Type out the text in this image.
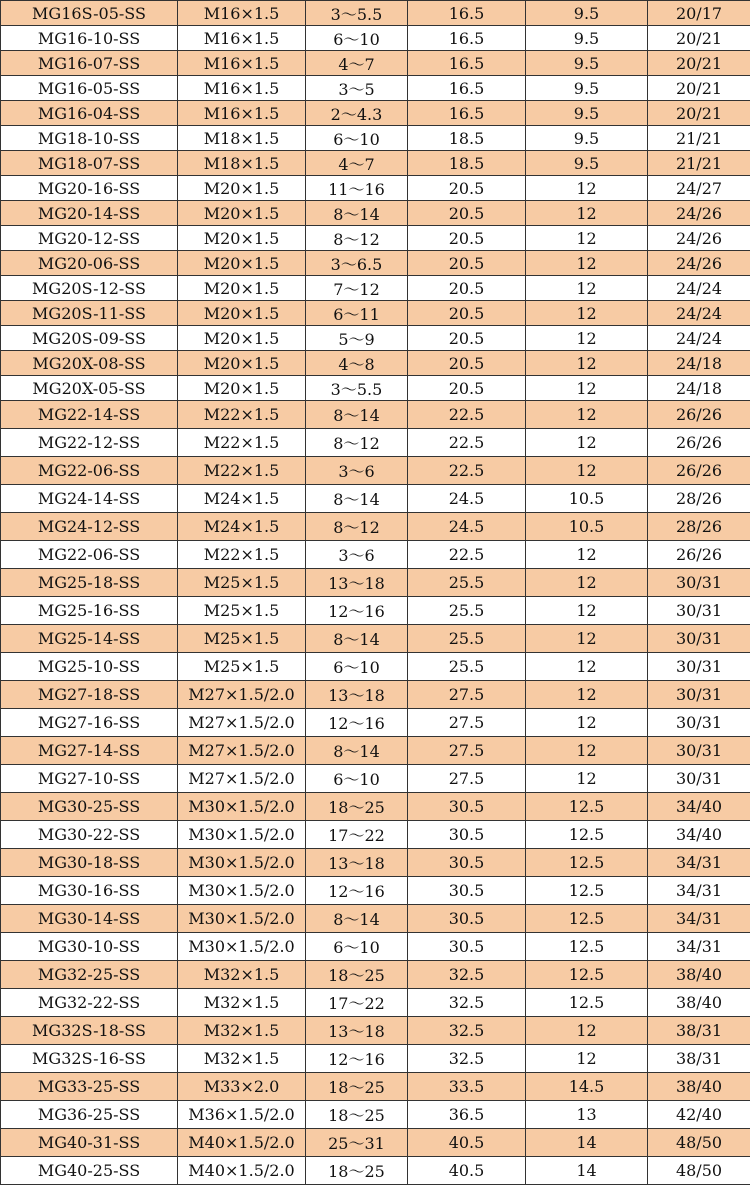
MG16S-05-SS	M16×1.5	3～5.5	16.5	9.5	20/17
MG16-10-SS	M16×1.5	6～10	16.5	9.5	20/21
MG16-07-SS	M16×1.5	4～7	16.5	9.5	20/21
MG16-05-SS	M16×1.5	3～5	16.5	9.5	20/21
MG16-04-SS	M16×1.5	2～4.3	16.5	9.5	20/21
MG18-10-SS	M18×1.5	6～10	18.5	9.5	21/21
MG18-07-SS	M18×1.5	4～7	18.5	9.5	21/21
MG20-16-SS	M20×1.5	11～16	20.5	12	24/27
MG20-14-SS	M20×1.5	8～14	20.5	12	24/26
MG20-12-SS	M20×1.5	8～12	20.5	12	24/26
MG20-06-SS	M20×1.5	3～6.5	20.5	12	24/26
MG20S-12-SS	M20×1.5	7～12	20.5	12	24/24
MG20S-11-SS	M20×1.5	6～11	20.5	12	24/24
MG20S-09-SS	M20×1.5	5～9	20.5	12	24/24
MG20X-08-SS	M20×1.5	4～8	20.5	12	24/18
MG20X-05-SS	M20×1.5	3～5.5	20.5	12	24/18
MG22-14-SS	M22×1.5	8～14	22.5	12	26/26
MG22-12-SS	M22×1.5	8～12	22.5	12	26/26
MG22-06-SS	M22×1.5	3～6	22.5	12	26/26
MG24-14-SS	M24×1.5	8～14	24.5	10.5	28/26
MG24-12-SS	M24×1.5	8～12	24.5	10.5	28/26
MG22-06-SS	M22×1.5	3～6	22.5	12	26/26
MG25-18-SS	M25×1.5	13～18	25.5	12	30/31
MG25-16-SS	M25×1.5	12～16	25.5	12	30/31
MG25-14-SS	M25×1.5	8～14	25.5	12	30/31
MG25-10-SS	M25×1.5	6～10	25.5	12	30/31
MG27-18-SS	M27×1.5/2.0	13～18	27.5	12	30/31
MG27-16-SS	M27×1.5/2.0	12～16	27.5	12	30/31
MG27-14-SS	M27×1.5/2.0	8～14	27.5	12	30/31
MG27-10-SS	M27×1.5/2.0	6～10	27.5	12	30/31
MG30-25-SS	M30×1.5/2.0	18～25	30.5	12.5	34/40
MG30-22-SS	M30×1.5/2.0	17～22	30.5	12.5	34/40
MG30-18-SS	M30×1.5/2.0	13～18	30.5	12.5	34/31
MG30-16-SS	M30×1.5/2.0	12～16	30.5	12.5	34/31
MG30-14-SS	M30×1.5/2.0	8～14	30.5	12.5	34/31
MG30-10-SS	M30×1.5/2.0	6～10	30.5	12.5	34/31
MG32-25-SS	M32×1.5	18～25	32.5	12.5	38/40
MG32-22-SS	M32×1.5	17～22	32.5	12.5	38/40
MG32S-18-SS	M32×1.5	13～18	32.5	12	38/31
MG32S-16-SS	M32×1.5	12～16	32.5	12	38/31
MG33-25-SS	M33×2.0	18～25	33.5	14.5	38/40
MG36-25-SS	M36×1.5/2.0	18～25	36.5	13	42/40
MG40-31-SS	M40×1.5/2.0	25～31	40.5	14	48/50
MG40-25-SS	M40×1.5/2.0	18～25	40.5	14	48/50
